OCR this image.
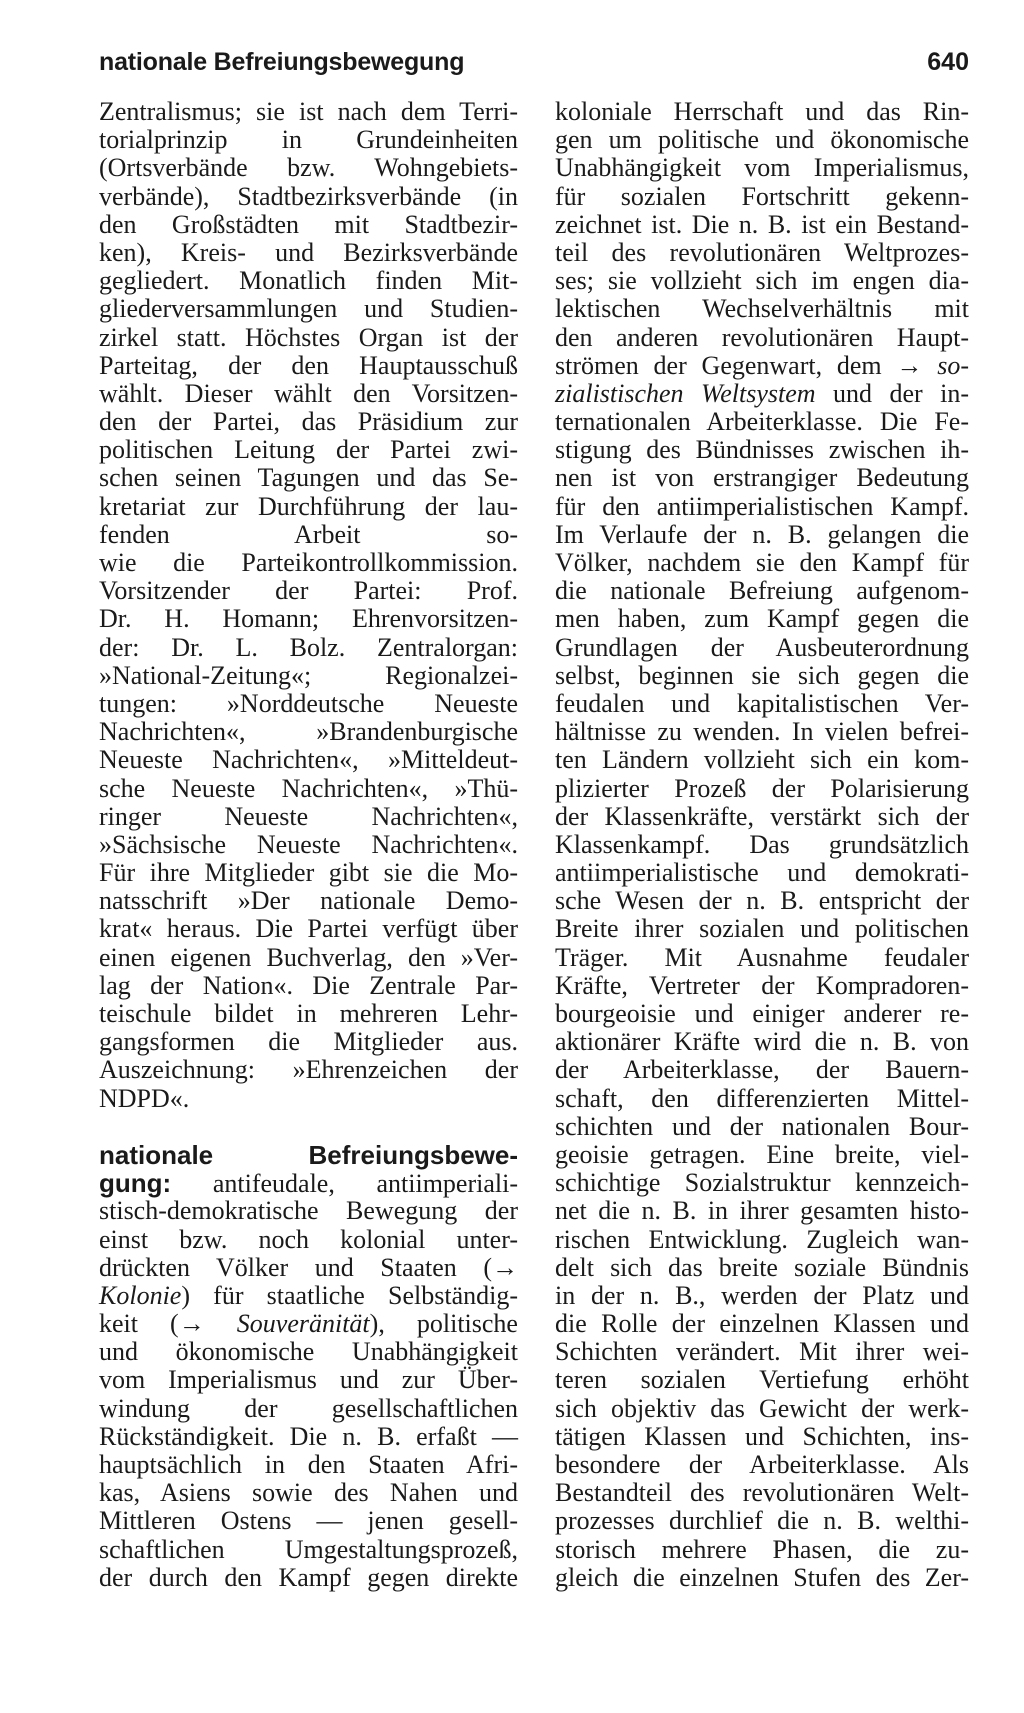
nationale Befreiungsbewegung	640
Zentralismus; sie ist nach dem Terri-
torialprinzip in Grundeinheiten
(Ortsverbände bzw. Wohngebiets-
verbände), Stadtbezirksverbände (in
den Großstädten mit Stadtbezir-
ken), Kreis- und Bezirksverbände
gegliedert. Monatlich finden Mit-
gliederversammlungen und Studien-
zirkel statt. Höchstes Organ ist der
Parteitag, der den Hauptausschuß
wählt. Dieser wählt den Vorsitzen-
den der Partei, das Präsidium zur
politischen Leitung der Partei zwi-
schen seinen Tagungen und das Se-
kretariat zur Durchführung der lau-
fenden Arbeit so-
wie die Parteikontrollkommission.
Vorsitzender der Partei: Prof.
Dr. H. Homann; Ehrenvorsitzen-
der: Dr. L. Bolz. Zentralorgan:
»National-Zeitung«; Regionalzei-
tungen: »Norddeutsche Neueste
Nachrichten«, »Brandenburgische
Neueste Nachrichten«, »Mitteldeut-
sche Neueste Nachrichten«, »Thü-
ringer Neueste Nachrichten«,
»Sächsische Neueste Nachrichten«.
Für ihre Mitglieder gibt sie die Mo-
natsschrift »Der nationale Demo-
krat« heraus. Die Partei verfügt über
einen eigenen Buchverlag, den »Ver-
lag der Nation«. Die Zentrale Par-
teischule bildet in mehreren Lehr-
gangsformen die Mitglieder aus.
Auszeichnung: »Ehrenzeichen der
NDPD«.
nationale Befreiungsbewe-
gung: antifeudale, antiimperiali-
stisch-demokratische Bewegung der
einst bzw. noch kolonial unter-
drückten Völker und Staaten (→
Kolonie) für staatliche Selbständig-
keit (→ Souveränität), politische
und ökonomische Unabhängigkeit
vom Imperialismus und zur Über-
windung der gesellschaftlichen
Rückständigkeit. Die n. B. erfaßt —
hauptsächlich in den Staaten Afri-
kas, Asiens sowie des Nahen und
Mittleren Ostens — jenen gesell-
schaftlichen Umgestaltungsprozeß,
der durch den Kampf gegen direkte
koloniale Herrschaft und das Rin-
gen um politische und ökonomische
Unabhängigkeit vom Imperialismus,
für sozialen Fortschritt gekenn-
zeichnet ist. Die n. B. ist ein Bestand-
teil des revolutionären Weltprozes-
ses; sie vollzieht sich im engen dia-
lektischen Wechselverhältnis mit
den anderen revolutionären Haupt-
strömen der Gegenwart, dem → so-
zialistischen Weltsystem und der in-
ternationalen Arbeiterklasse. Die Fe-
stigung des Bündnisses zwischen ih-
nen ist von erstrangiger Bedeutung
für den antiimperialistischen Kampf.
Im Verlaufe der n. B. gelangen die
Völker, nachdem sie den Kampf für
die nationale Befreiung aufgenom-
men haben, zum Kampf gegen die
Grundlagen der Ausbeuterordnung
selbst, beginnen sie sich gegen die
feudalen und kapitalistischen Ver-
hältnisse zu wenden. In vielen befrei-
ten Ländern vollzieht sich ein kom-
plizierter Prozeß der Polarisierung
der Klassenkräfte, verstärkt sich der
Klassenkampf. Das grundsätzlich
antiimperialistische und demokrati-
sche Wesen der n. B. entspricht der
Breite ihrer sozialen und politischen
Träger. Mit Ausnahme feudaler
Kräfte, Vertreter der Kompradoren-
bourgeoisie und einiger anderer re-
aktionärer Kräfte wird die n. B. von
der Arbeiterklasse, der Bauern-
schaft, den differenzierten Mittel-
schichten und der nationalen Bour-
geoisie getragen. Eine breite, viel-
schichtige Sozialstruktur kennzeich-
net die n. B. in ihrer gesamten histo-
rischen Entwicklung. Zugleich wan-
delt sich das breite soziale Bündnis
in der n. B., werden der Platz und
die Rolle der einzelnen Klassen und
Schichten verändert. Mit ihrer wei-
teren sozialen Vertiefung erhöht
sich objektiv das Gewicht der werk-
tätigen Klassen und Schichten, ins-
besondere der Arbeiterklasse. Als
Bestandteil des revolutionären Welt-
prozesses durchlief die n. B. welthi-
storisch mehrere Phasen, die zu-
gleich die einzelnen Stufen des Zer-
